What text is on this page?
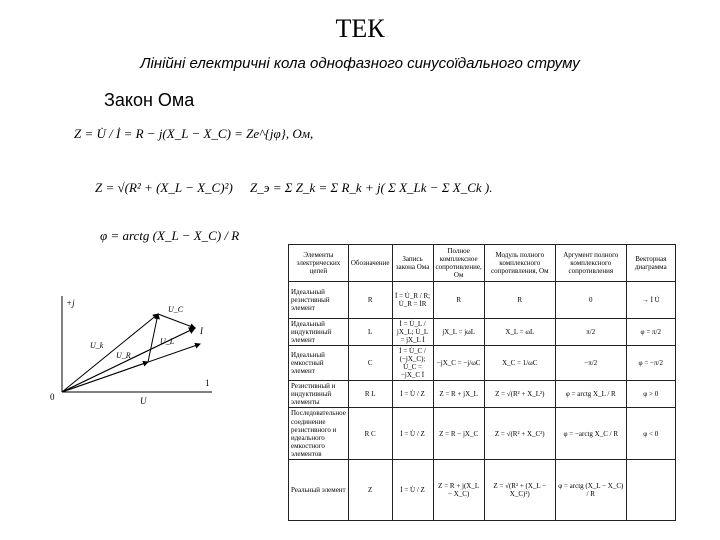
ТЕК
Лінійні електричні кола однофазного синусоїдального струму
Закон Ома
Z = U̇ / İ = R − j(X_L − X_C) = Ze^{jφ}, Ом,
Z = √(R² + (X_L − X_C)²) Z_э = Σ Z_k = Σ R_k + j( Σ X_Lk − Σ X_Ck ).
φ = arctg (X_L − X_C) / R
+j
1
0	U
I
U_k
U_R
U_L
U_C
Элементы электрических цепей	Обозначение	Запись закона Ома	Полное комплексное сопротивление, Ом	Модуль полного комплексного сопротивления, Ом	Аргумент полного комплексного сопротивления	Векторная диаграмма
Идеальный резистивный элемент	R	İ = U̇_R / R; U̇_R = İR	R	R	0	→ İ U̇
Идеальный индуктивный элемент	L	İ = U̇_L / jX_L; U̇_L = jX_L İ	jX_L = jωL	X_L = ωL	π/2	φ = π/2
Идеальный емкостный элемент	C	İ = U̇_C / (−jX_C); U̇_C = −jX_C İ	−jX_C = −j/ωC	X_C = 1/ωC	−π/2	φ = −π/2
Резистивный и индуктивный элементы	R L	İ = U̇ / Z	Z = R + jX_L	Z = √(R² + X_L²)	φ = arctg X_L / R	φ > 0
Последовательное соединение резистивного и идеального емкостного элементов	R C	İ = U̇ / Z	Z = R − jX_C	Z = √(R² + X_C²)	φ = −arctg X_C / R	φ < 0
Реальный элемент	Z	İ = U̇ / Z	Z = R + j(X_L − X_C)	Z = √(R² + (X_L − X_C)²)	φ = arctg (X_L − X_C) / R	
